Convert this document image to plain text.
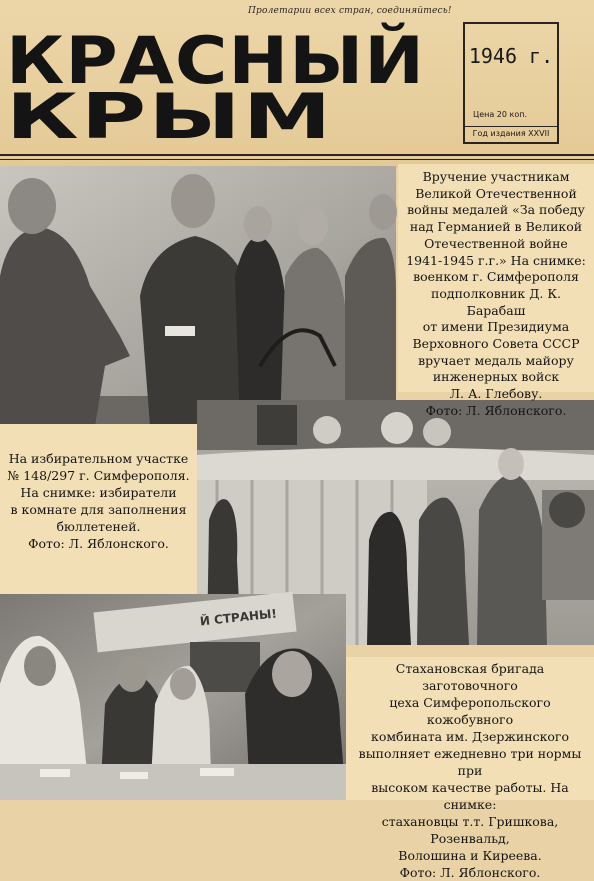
Пролетарии всех стран, соединяйтесь!
КРАСНЫЙ
КРЫМ
1946 г.
Цена 20 коп.
Год издания XXVII
Й СТРАНЫ!
Вручение участникам
Великой Отечественной
войны медалей «За победу
над Германией в Великой
Отечественной войне
1941-1945 г.г.» На снимке:
военком г. Симферополя
подполковник Д. К. Барабаш
от имени Президиума
Верховного Совета СССР
вручает медаль майору
инженерных войск
Л. А. Глебову.
Фото: Л. Яблонского.
На избирательном участке
№ 148/297 г. Симферополя.
На снимке: избиратели
в комнате для заполнения
бюллетеней.
Фото: Л. Яблонского.
Стахановская бригада заготовочного
цеха Симферопольского кожобувного
комбината им. Дзержинского
выполняет ежедневно три нормы при
высоком качестве работы. На снимке:
стахановцы т.т. Гришкова, Розенвальд,
Волошина и Киреева.
Фото: Л. Яблонского.
